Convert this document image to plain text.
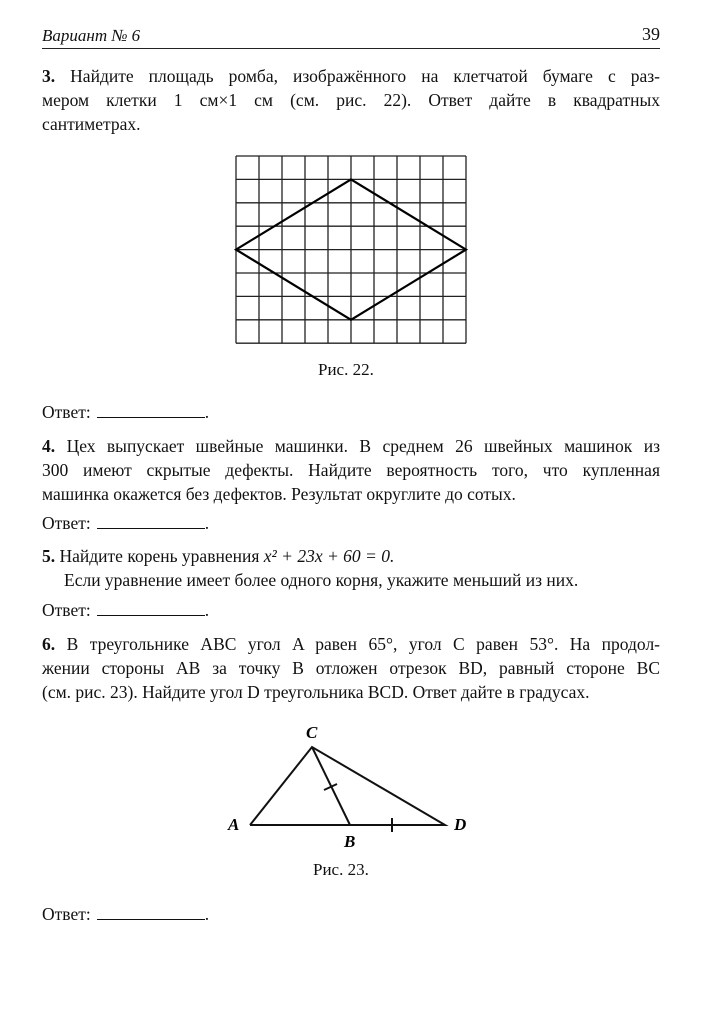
Вариант № 6	39
3. Найдите площадь ромба, изображённого на клетчатой бумаге с раз-
мером клетки 1 см×1 см (см. рис. 22). Ответ дайте в квадратных
сантиметрах.
Рис. 22.
Ответ:	.
4. Цех выпускает швейные машинки. В среднем 26 швейных машинок из
300 имеют скрытые дефекты. Найдите вероятность того, что купленная
машинка окажется без дефектов. Результат округлите до сотых.
Ответ:	.
5. Найдите корень уравнения x² + 23x + 60 = 0.
Если уравнение имеет более одного корня, укажите меньший из них.
Ответ:	.
6. В треугольнике ABC угол A равен 65°, угол C равен 53°. На продол-
жении стороны AB за точку B отложен отрезок BD, равный стороне BC
(см. рис. 23). Найдите угол D треугольника BCD. Ответ дайте в градусах.
C
A
B
D
Рис. 23.
Ответ:	.
